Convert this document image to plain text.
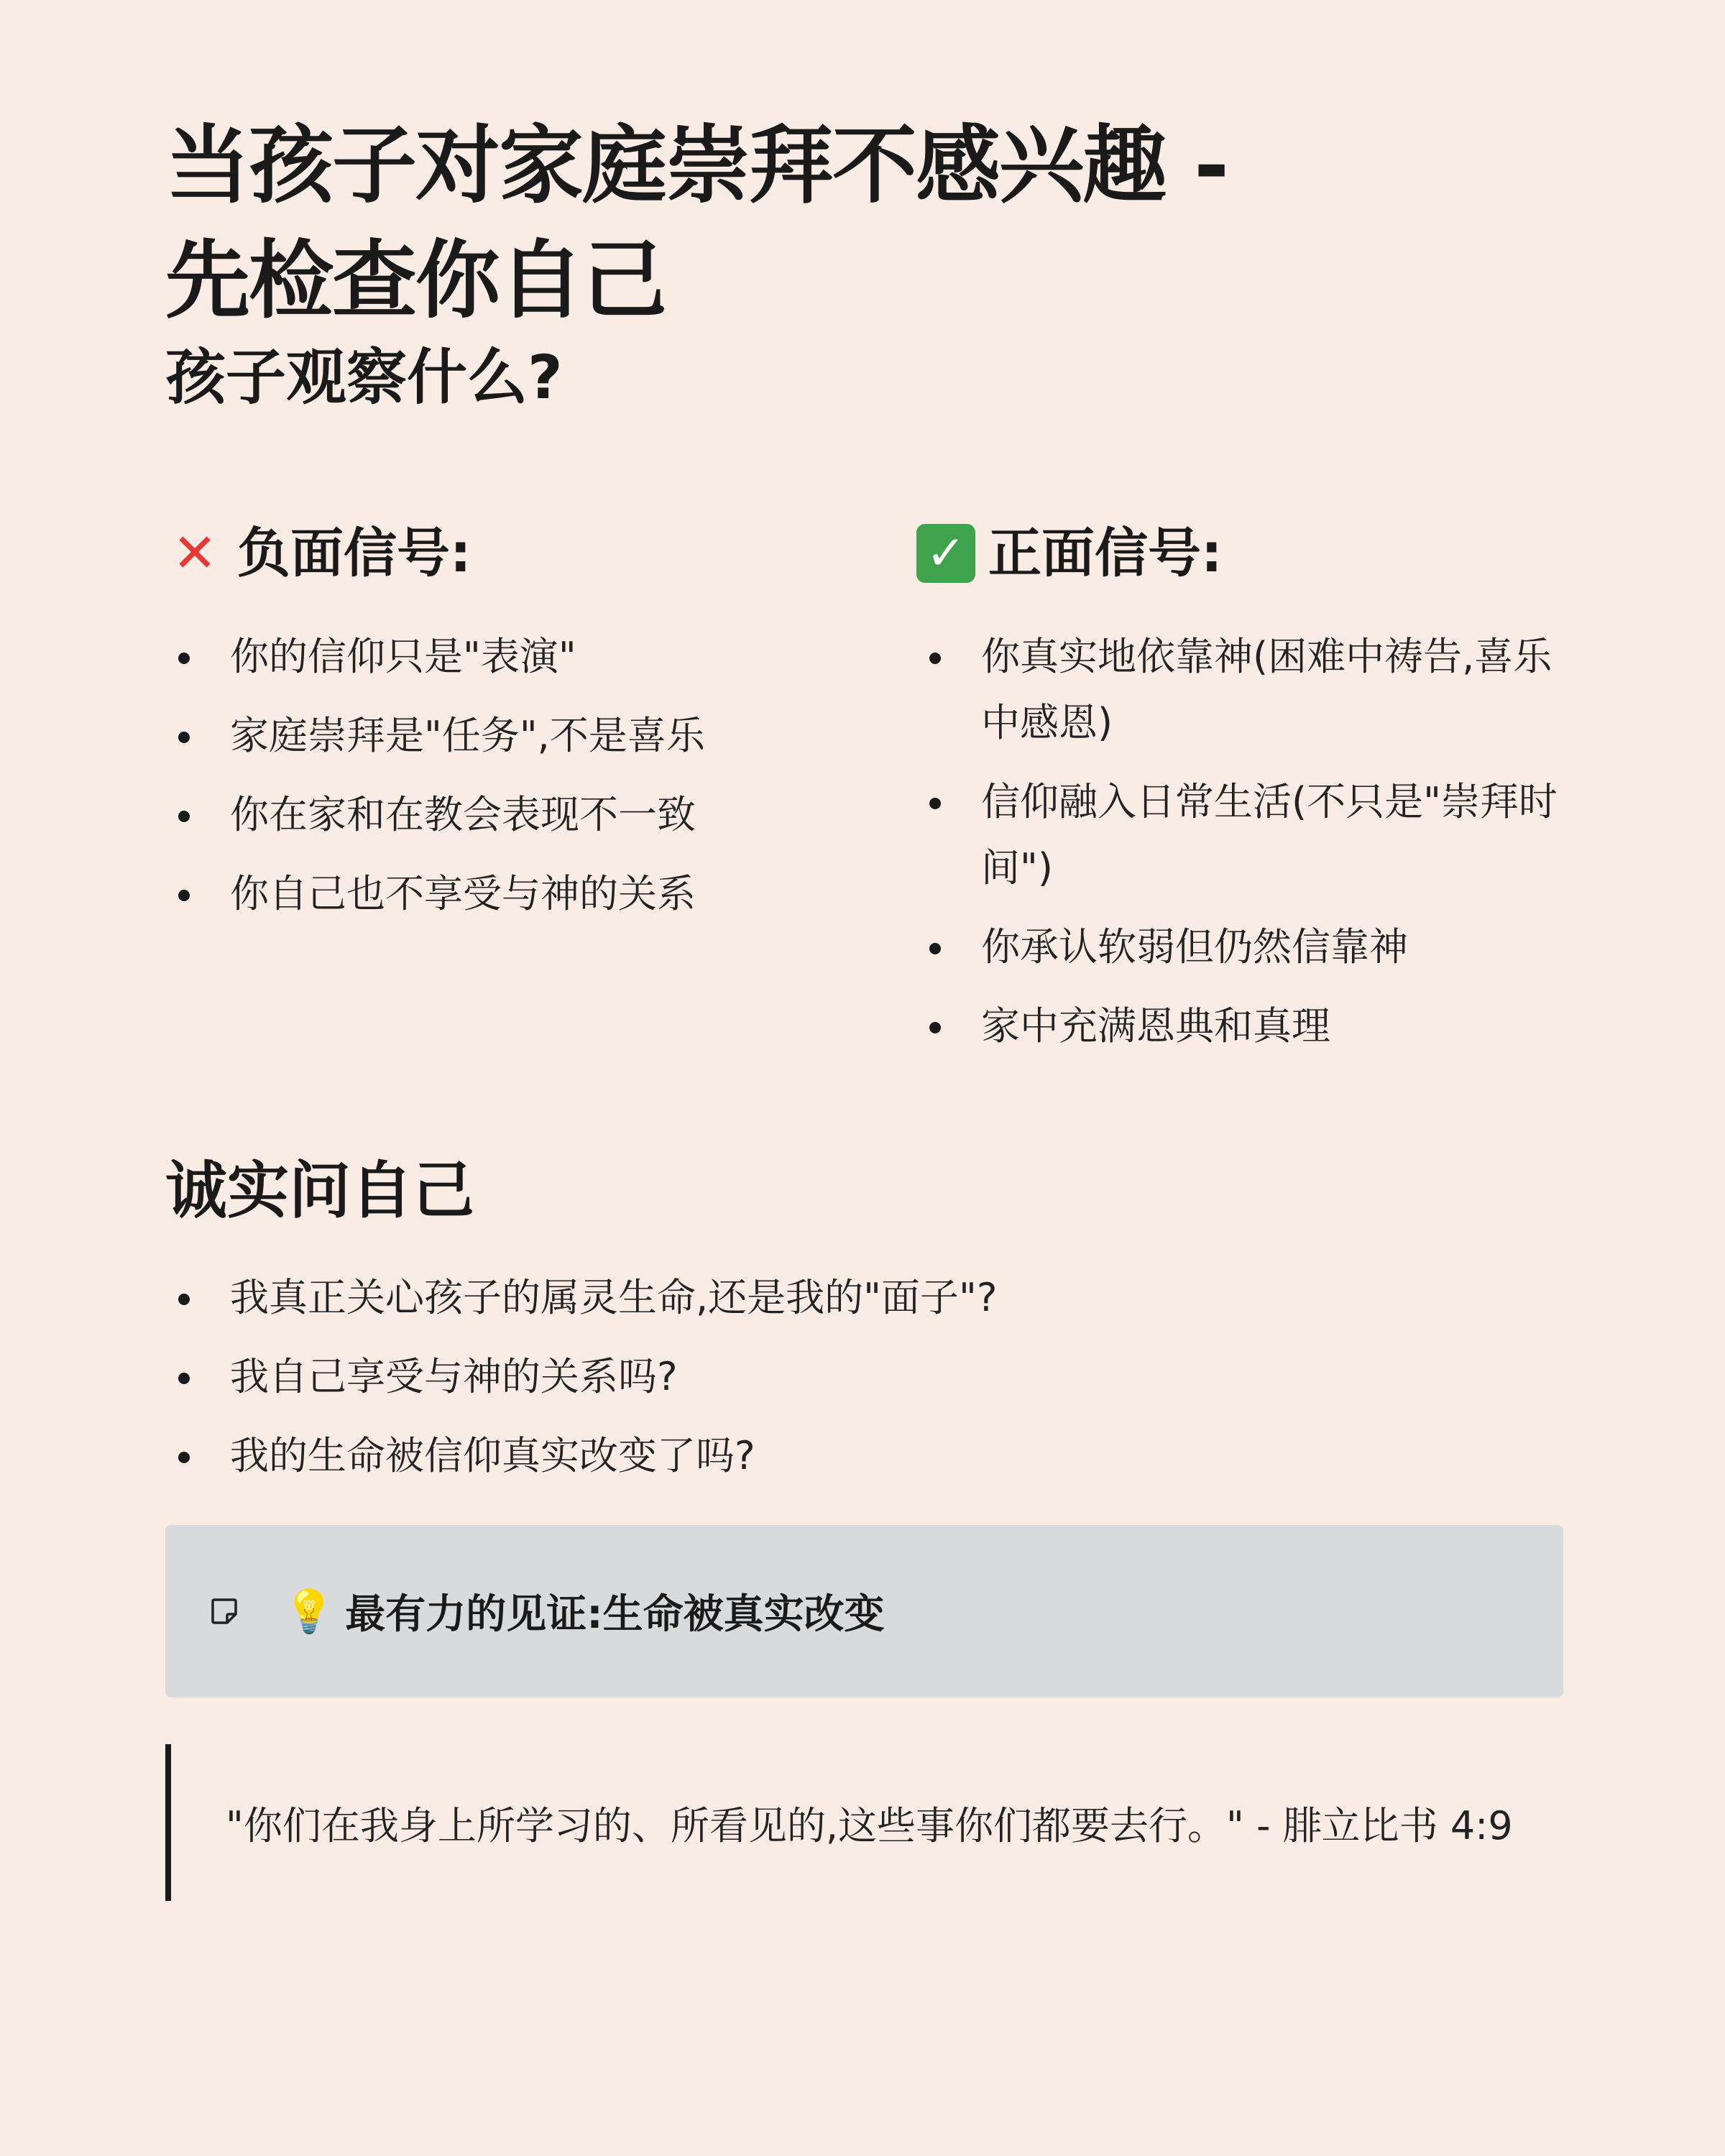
当孩子对家庭崇拜不感兴趣 -
先检查你自己
孩子观察什么?
✕ 负面信号:
你的信仰只是"表演"
家庭崇拜是"任务",不是喜乐
你在家和在教会表现不一致
你自己也不享受与神的关系
✓ 正面信号:
你真实地依靠神(困难中祷告,喜乐中感恩)
信仰融入日常生活(不只是"崇拜时间")
你承认软弱但仍然信靠神
家中充满恩典和真理
诚实问自己
我真正关心孩子的属灵生命,还是我的"面子"?
我自己享受与神的关系吗?
我的生命被信仰真实改变了吗?
💡 最有力的见证:生命被真实改变
"你们在我身上所学习的、所看见的,这些事你们都要去行。" - 腓立比书 4:9
